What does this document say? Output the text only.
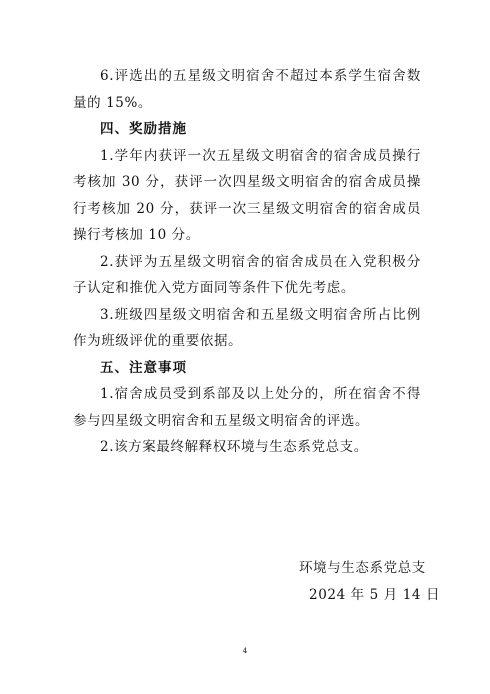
6.评选出的五星级文明宿舍不超过本系学生宿舍数量的 15%。

四、奖励措施

1.学年内获评一次五星级文明宿舍的宿舍成员操行考核加 30 分，获评一次四星级文明宿舍的宿舍成员操行考核加 20 分，获评一次三星级文明宿舍的宿舍成员操行考核加 10 分。

2.获评为五星级文明宿舍的宿舍成员在入党积极分子认定和推优入党方面同等条件下优先考虑。

3.班级四星级文明宿舍和五星级文明宿舍所占比例作为班级评优的重要依据。

五、注意事项

1.宿舍成员受到系部及以上处分的，所在宿舍不得参与四星级文明宿舍和五星级文明宿舍的评选。

2.该方案最终解释权环境与生态系党总支。

环境与生态系党总支
2024 年 5 月 14 日
4
